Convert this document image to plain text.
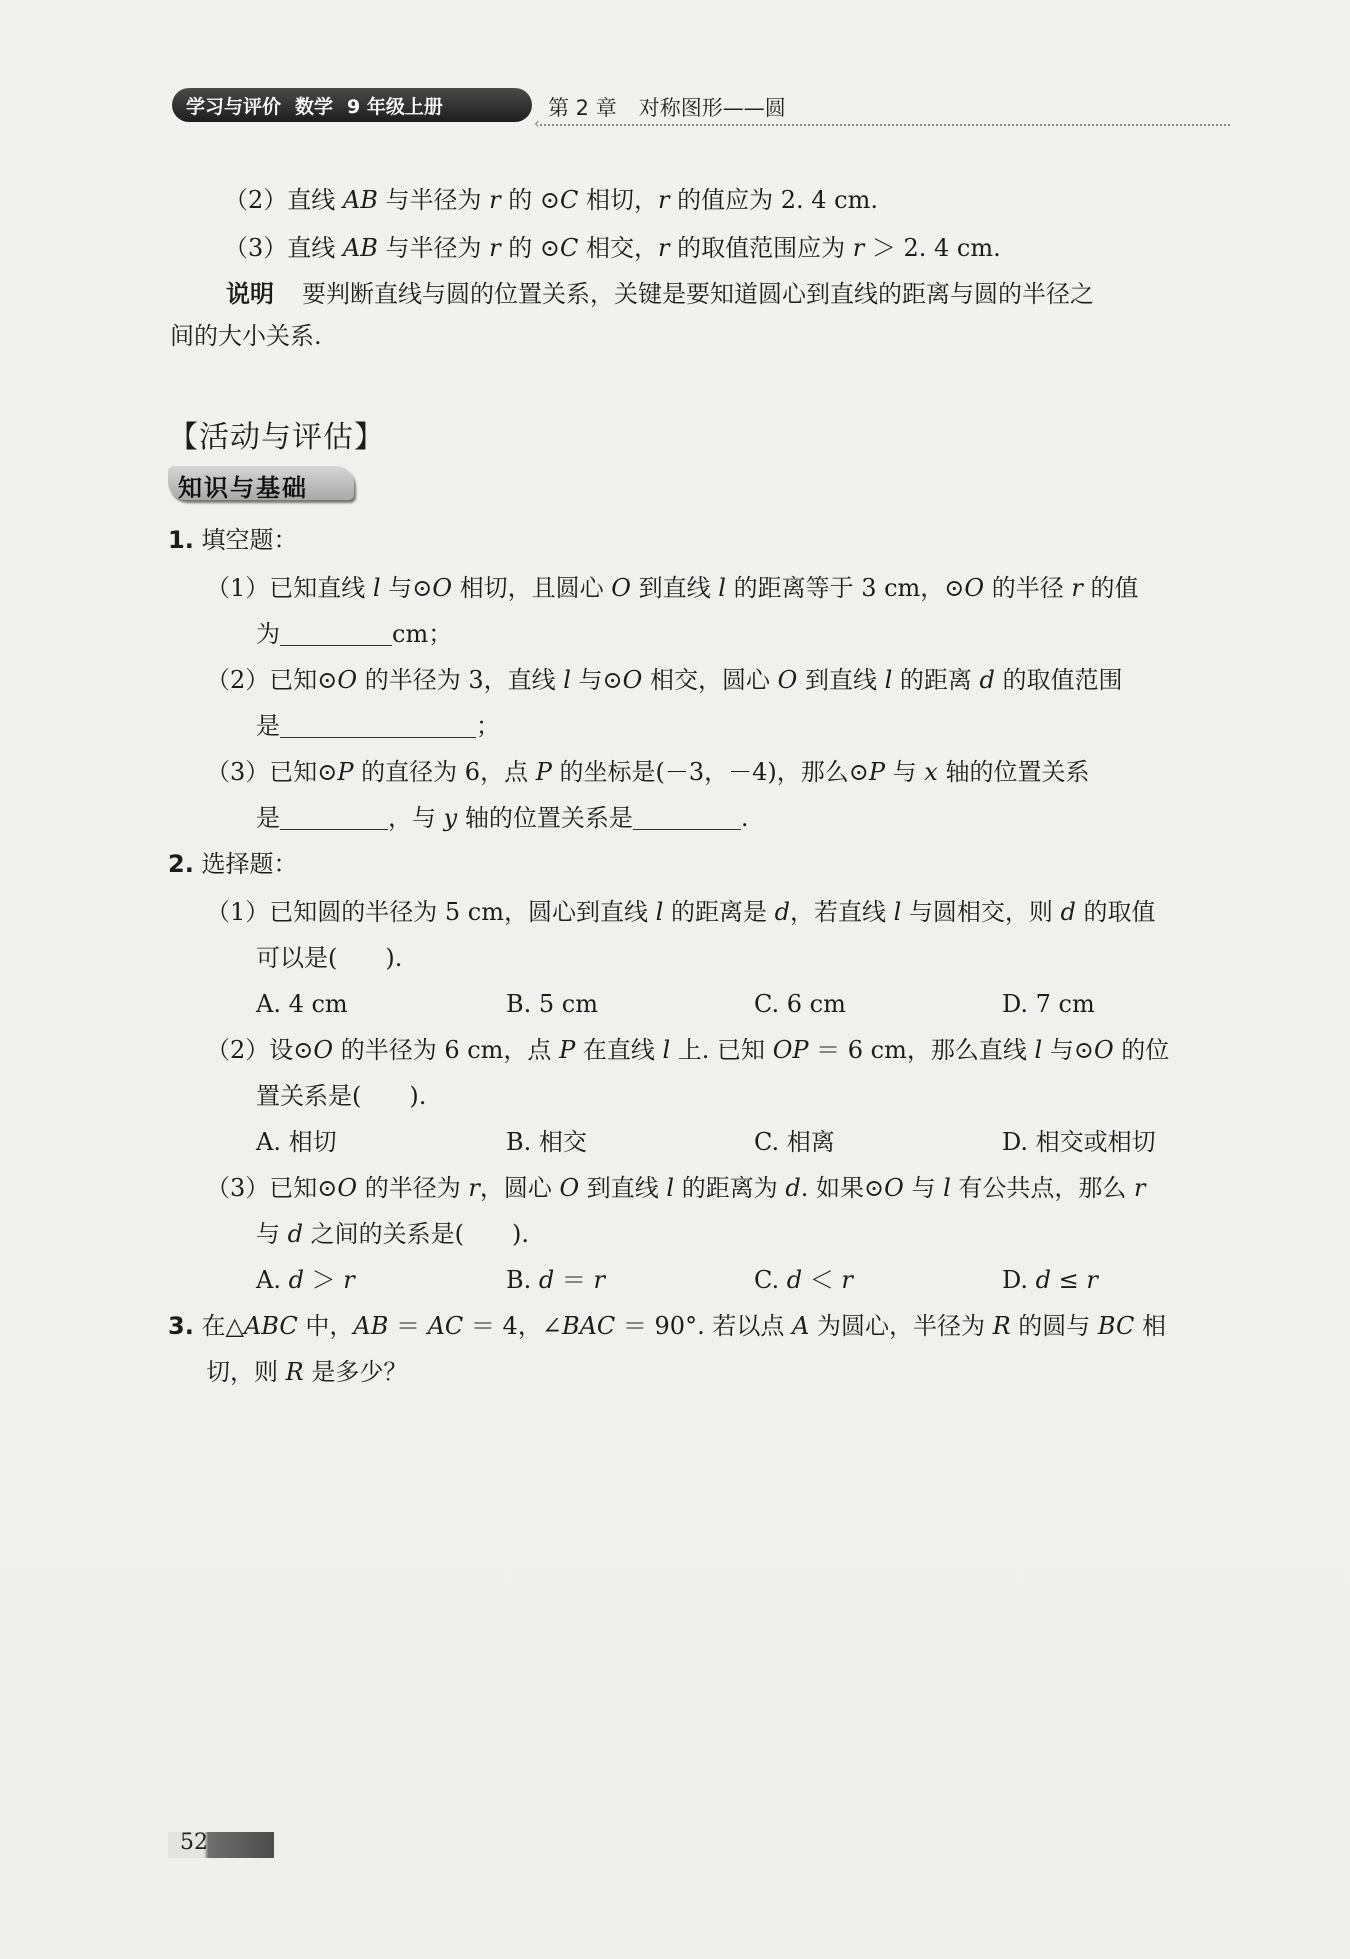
学习与评价 数学 9 年级上册
‹
第 2 章 对称图形——圆
（2）直线 AB 与半径为 r 的 ⊙C 相切，r 的值应为 2. 4 cm.
（3）直线 AB 与半径为 r 的 ⊙C 相交，r 的取值范围应为 r ＞ 2. 4 cm.
说明 要判断直线与圆的位置关系，关键是要知道圆心到直线的距离与圆的半径之
间的大小关系.
【活动与评估】
知识与基础
1. 填空题：
（1）已知直线 l 与⊙O 相切，且圆心 O 到直线 l 的距离等于 3 cm，⊙O 的半径 r 的值
为	cm；
（2）已知⊙O 的半径为 3，直线 l 与⊙O 相交，圆心 O 到直线 l 的距离 d 的取值范围
是	；
（3）已知⊙P 的直径为 6，点 P 的坐标是(－3，－4)，那么⊙P 与 x 轴的位置关系
是	，与 y 轴的位置关系是	.
2. 选择题：
（1）已知圆的半径为 5 cm，圆心到直线 l 的距离是 d，若直线 l 与圆相交，则 d 的取值
可以是(　　).
A. 4 cm	B. 5 cm	C. 6 cm	D. 7 cm
（2）设⊙O 的半径为 6 cm，点 P 在直线 l 上. 已知 OP ＝ 6 cm，那么直线 l 与⊙O 的位
置关系是(　　).
A. 相切	B. 相交	C. 相离	D. 相交或相切
（3）已知⊙O 的半径为 r，圆心 O 到直线 l 的距离为 d. 如果⊙O 与 l 有公共点，那么 r
与 d 之间的关系是(　　).
A. d ＞ r	B. d ＝ r	C. d ＜ r	D. d ≤ r
3. 在△ABC 中，AB ＝ AC ＝ 4，∠BAC ＝ 90°. 若以点 A 为圆心，半径为 R 的圆与 BC 相
切，则 R 是多少？
52
